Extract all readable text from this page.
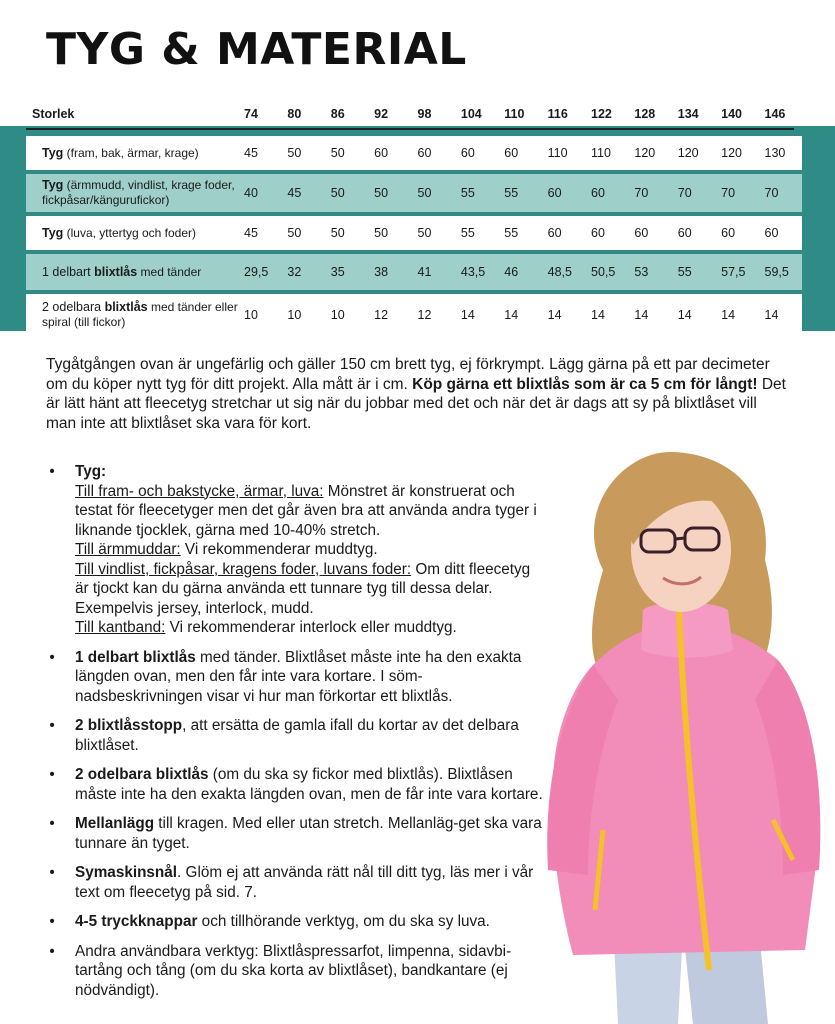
TYG & MATERIAL
Storlek	74	80	86	92	98	104	110	116	122	128	134	140	146

Tyg (fram, bak, ärmar, krage)	45	50	50	60	60	60	60	110	110	120	120	120	130

Tyg (ärmmudd, vindlist, krage foder, fickpåsar/kängurufickor)	40	45	50	50	50	55	55	60	60	70	70	70	70

Tyg (luva, yttertyg och foder)	45	50	50	50	50	55	55	60	60	60	60	60	60

1 delbart blixtlås med tänder	29,5	32	35	38	41	43,5	46	48,5	50,5	53	55	57,5	59,5

2 odelbara blixtlås med tänder eller spiral (till fickor)	10	10	10	12	12	14	14	14	14	14	14	14	14

Tygåtgången ovan är ungefärlig och gäller 150 cm brett tyg, ej förkrympt. Lägg gärna på ett par decimeter om du köper nytt tyg för ditt projekt. Alla mått är i cm. Köp gärna ett blixtlås som är ca 5 cm för långt! Det är lätt hänt att fleecetyg stretchar ut sig när du jobbar med det och när det är dags att sy på blixtlåset vill man inte att blixtlåset ska vara för kort.

• Tyg:
Till fram- och bakstycke, ärmar, luva: Mönstret är konstruerat och testat för fleecetyger men det går även bra att använda andra tyger i liknande tjocklek, gärna med 10-40% stretch.
Till ärmmuddar: Vi rekommenderar muddtyg.
Till vindlist, fickpåsar, kragens foder, luvans foder: Om ditt fleecetyg är tjockt kan du gärna använda ett tunnare tyg till dessa delar. Exempelvis jersey, interlock, mudd.
Till kantband: Vi rekommenderar interlock eller muddtyg.
• 1 delbart blixtlås med tänder. Blixtlåset måste inte ha den exakta längden ovan, men den får inte vara kortare. I söm-nadsbeskrivningen visar vi hur man förkortar ett blixtlås.
• 2 blixtlåsstopp, att ersätta de gamla ifall du kortar av det delbara blixtlåset.
• 2 odelbara blixtlås (om du ska sy fickor med blixtlås). Blixtlåsen måste inte ha den exakta längden ovan, men de får inte vara kortare.
• Mellanlägg till kragen. Med eller utan stretch. Mellanläg-get ska vara tunnare än tyget.
• Symaskinsnål. Glöm ej att använda rätt nål till ditt tyg, läs mer i vår text om fleecetyg på sid. 7.
• 4-5 tryckknappar och tillhörande verktyg, om du ska sy luva.
• Andra användbara verktyg: Blixtlåspressarfot, limpenna, sidavbi-tartång och tång (om du ska korta av blixtlåset), bandkantare (ej nödvändigt).
